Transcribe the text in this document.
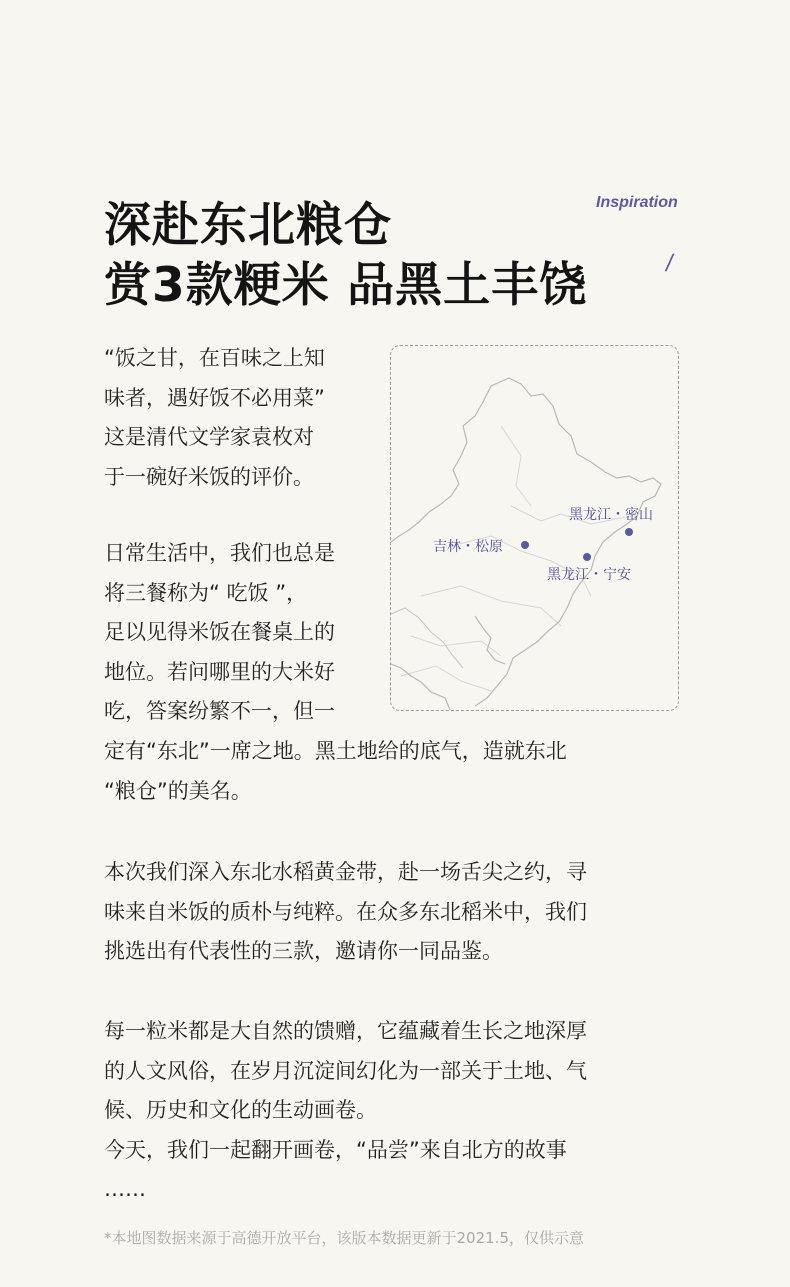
深赴东北粮仓
赏3款粳米 品黑土丰饶
Inspiration
/
“饭之甘，在百味之上知
味者，遇好饭不必用菜”
这是清代文学家袁枚对
于一碗好米饭的评价。
日常生活中，我们也总是
将三餐称为“ 吃饭 ”，
足以见得米饭在餐桌上的
地位。若问哪里的大米好
吃，答案纷繁不一，但一
定有“东北”一席之地。黑土地给的底气，造就东北
“粮仓”的美名。
黑龙江・密山
吉林・松原
黑龙江・宁安
本次我们深入东北水稻黄金带，赴一场舌尖之约，寻
味来自米饭的质朴与纯粹。在众多东北稻米中，我们
挑选出有代表性的三款，邀请你一同品鉴。
每一粒米都是大自然的馈赠，它蕴藏着生长之地深厚
的人文风俗，在岁月沉淀间幻化为一部关于土地、气
候、历史和文化的生动画卷。
今天，我们一起翻开画卷，“品尝”来自北方的故事
……
*本地图数据来源于高德开放平台，该版本数据更新于2021.5，仅供示意
